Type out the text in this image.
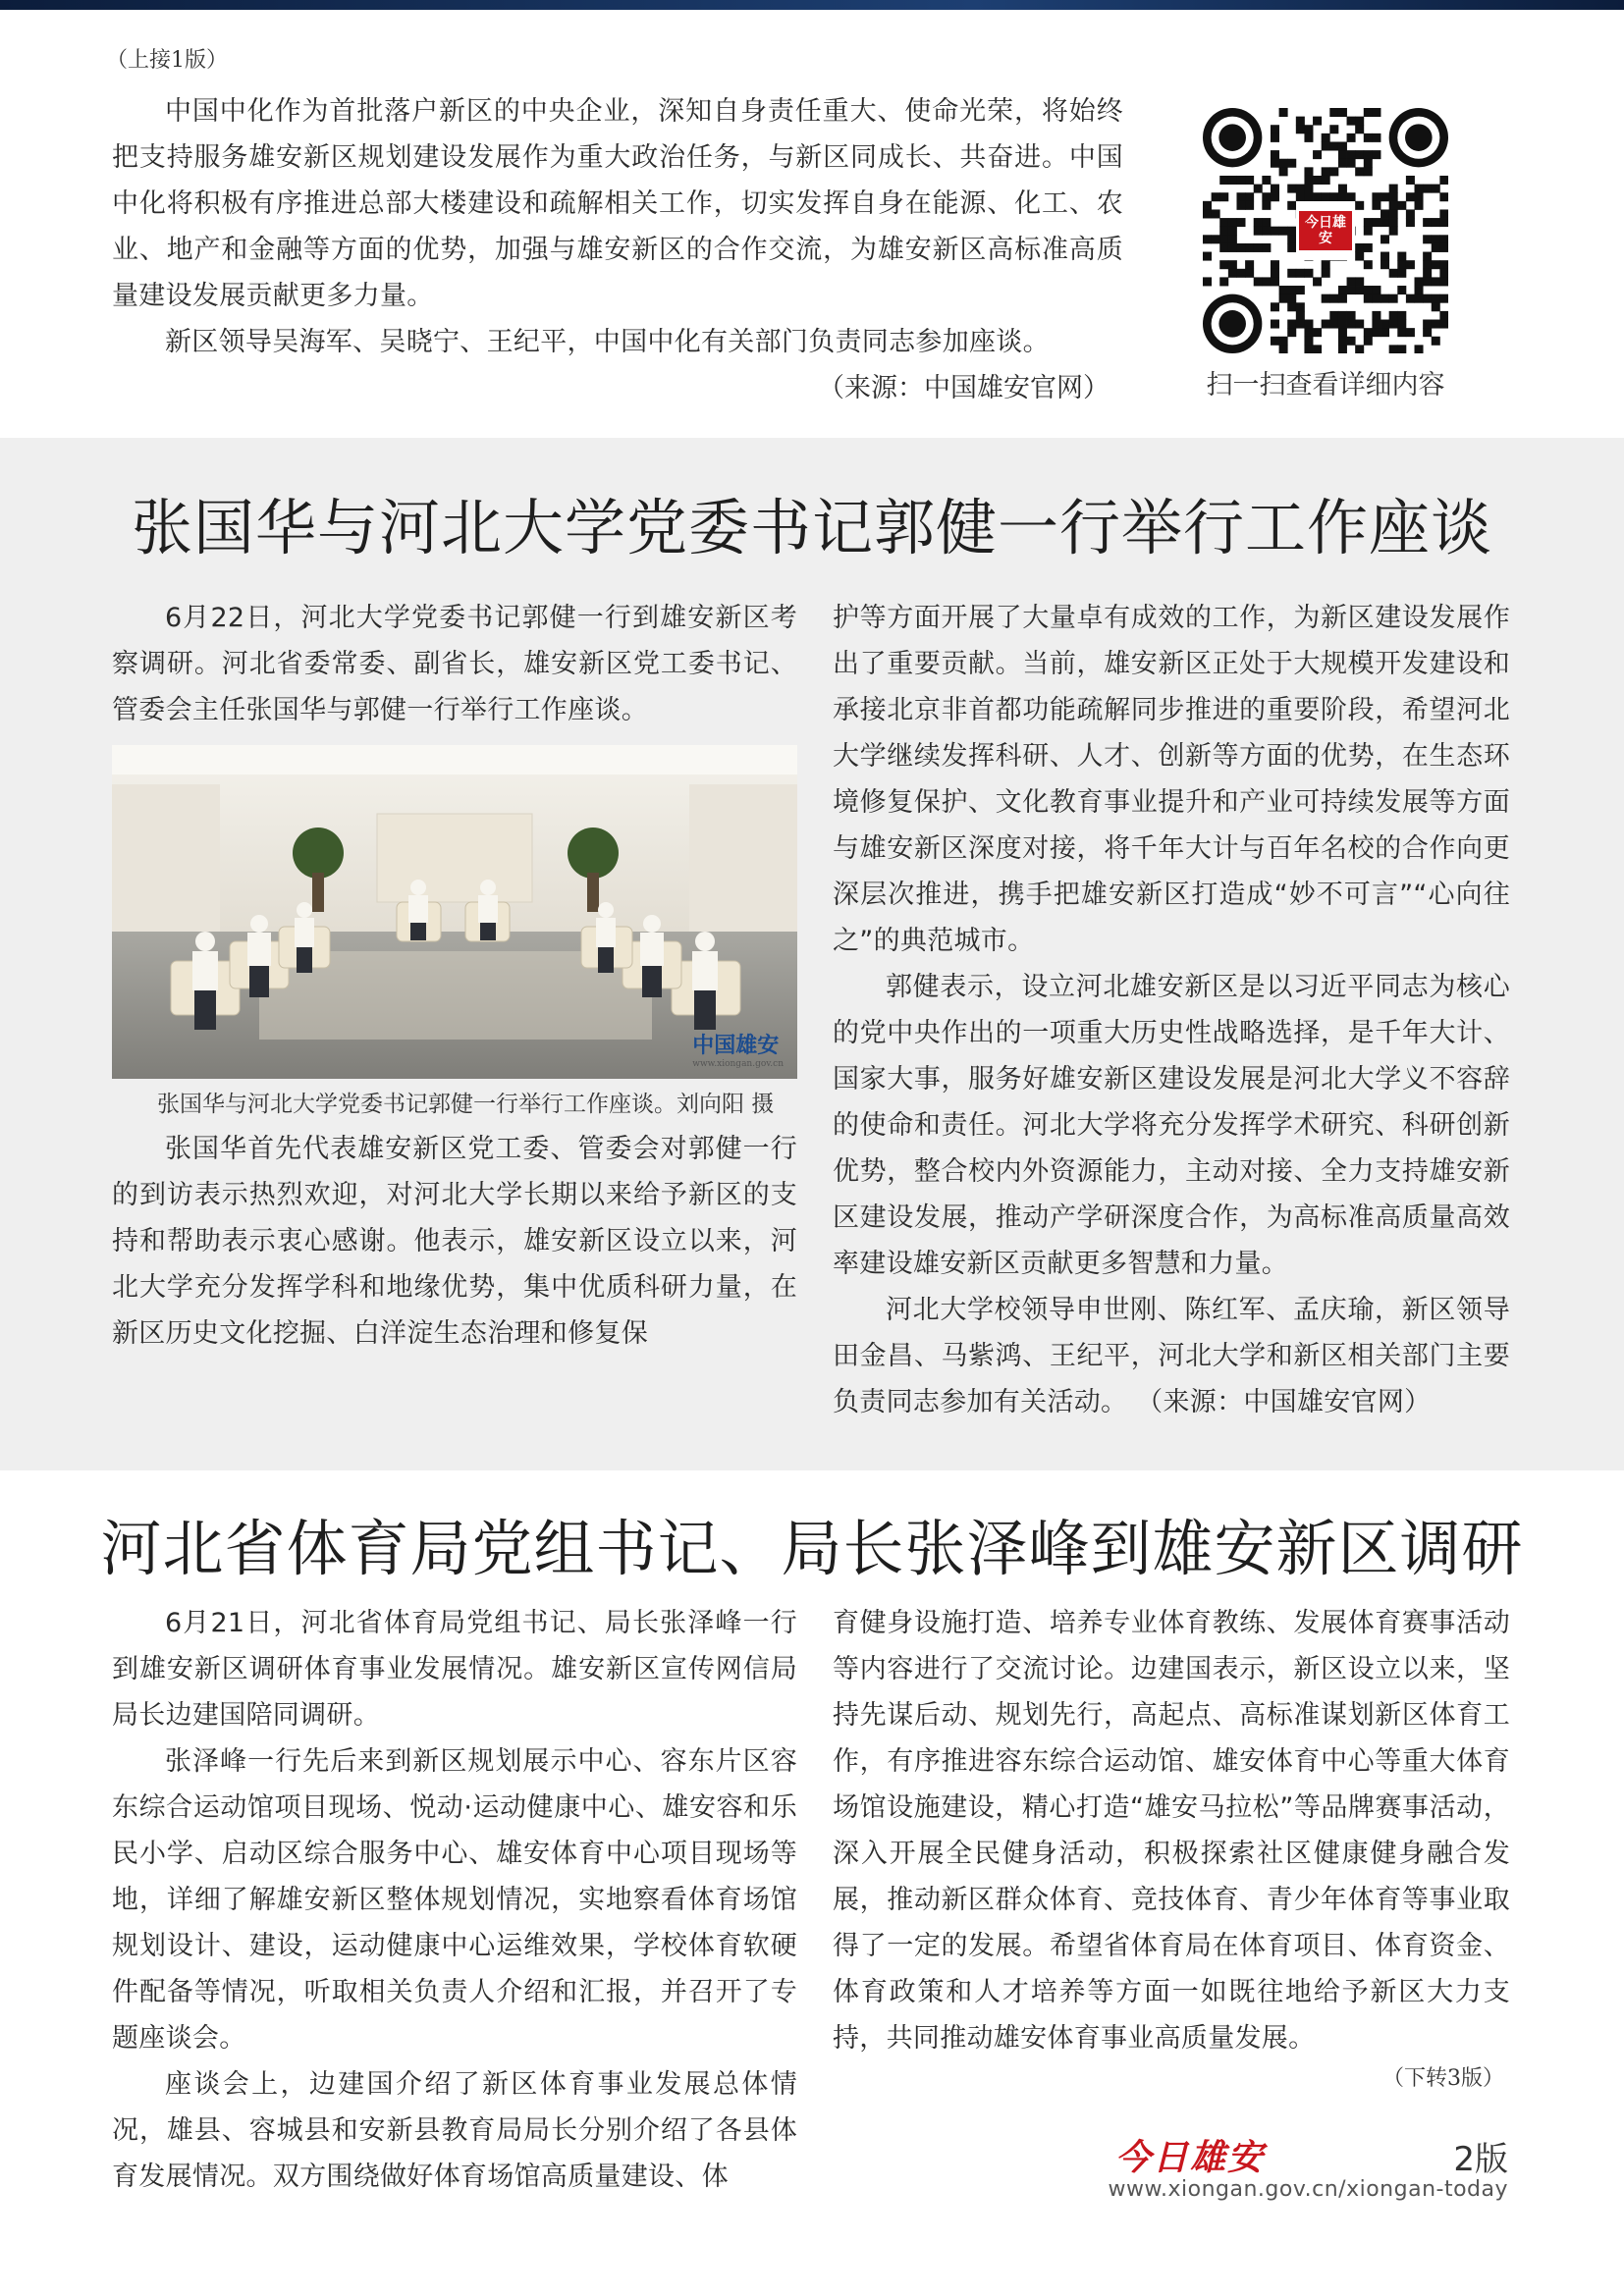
（上接1版）

中国中化作为首批落户新区的中央企业，深知自身责任重大、使命光荣，将始终把支持服务雄安新区规划建设发展作为重大政治任务，与新区同成长、共奋进。中国中化将积极有序推进总部大楼建设和疏解相关工作，切实发挥自身在能源、化工、农业、地产和金融等方面的优势，加强与雄安新区的合作交流，为雄安新区高标准高质量建设发展贡献更多力量。

新区领导吴海军、吴晓宁、王纪平，中国中化有关部门负责同志参加座谈。

（来源：中国雄安官网）

今日雄安
扫一扫查看详细内容
张国华与河北大学党委书记郭健一行举行工作座谈

6月22日，河北大学党委书记郭健一行到雄安新区考察调研。河北省委常委、副省长，雄安新区党工委书记、管委会主任张国华与郭健一行举行工作座谈。

中国雄安
www.xiongan.gov.cn

张国华与河北大学党委书记郭健一行举行工作座谈。刘向阳 摄

张国华首先代表雄安新区党工委、管委会对郭健一行的到访表示热烈欢迎，对河北大学长期以来给予新区的支持和帮助表示衷心感谢。他表示，雄安新区设立以来，河北大学充分发挥学科和地缘优势，集中优质科研力量，在新区历史文化挖掘、白洋淀生态治理和修复保

护等方面开展了大量卓有成效的工作，为新区建设发展作出了重要贡献。当前，雄安新区正处于大规模开发建设和承接北京非首都功能疏解同步推进的重要阶段，希望河北大学继续发挥科研、人才、创新等方面的优势，在生态环境修复保护、文化教育事业提升和产业可持续发展等方面与雄安新区深度对接，将千年大计与百年名校的合作向更深层次推进，携手把雄安新区打造成“妙不可言”“心向往之”的典范城市。

郭健表示，设立河北雄安新区是以习近平同志为核心的党中央作出的一项重大历史性战略选择，是千年大计、国家大事，服务好雄安新区建设发展是河北大学义不容辞的使命和责任。河北大学将充分发挥学术研究、科研创新优势，整合校内外资源能力，主动对接、全力支持雄安新区建设发展，推动产学研深度合作，为高标准高质量高效率建设雄安新区贡献更多智慧和力量。

河北大学校领导申世刚、陈红军、孟庆瑜，新区领导田金昌、马紫鸿、王纪平，河北大学和新区相关部门主要负责同志参加有关活动。 （来源：中国雄安官网）

河北省体育局党组书记、局长张泽峰到雄安新区调研

6月21日，河北省体育局党组书记、局长张泽峰一行到雄安新区调研体育事业发展情况。雄安新区宣传网信局局长边建国陪同调研。

张泽峰一行先后来到新区规划展示中心、容东片区容东综合运动馆项目现场、悦动·运动健康中心、雄安容和乐民小学、启动区综合服务中心、雄安体育中心项目现场等地，详细了解雄安新区整体规划情况，实地察看体育场馆规划设计、建设，运动健康中心运维效果，学校体育软硬件配备等情况，听取相关负责人介绍和汇报，并召开了专题座谈会。

座谈会上，边建国介绍了新区体育事业发展总体情况，雄县、容城县和安新县教育局局长分别介绍了各县体育发展情况。双方围绕做好体育场馆高质量建设、体

育健身设施打造、培养专业体育教练、发展体育赛事活动等内容进行了交流讨论。边建国表示，新区设立以来，坚持先谋后动、规划先行，高起点、高标准谋划新区体育工作，有序推进容东综合运动馆、雄安体育中心等重大体育场馆设施建设，精心打造“雄安马拉松”等品牌赛事活动，深入开展全民健身活动，积极探索社区健康健身融合发展，推动新区群众体育、竞技体育、青少年体育等事业取得了一定的发展。希望省体育局在体育项目、体育资金、体育政策和人才培养等方面一如既往地给予新区大力支持，共同推动雄安体育事业高质量发展。

（下转3版）
今日雄安	2版
www.xiongan.gov.cn/xiongan-today
